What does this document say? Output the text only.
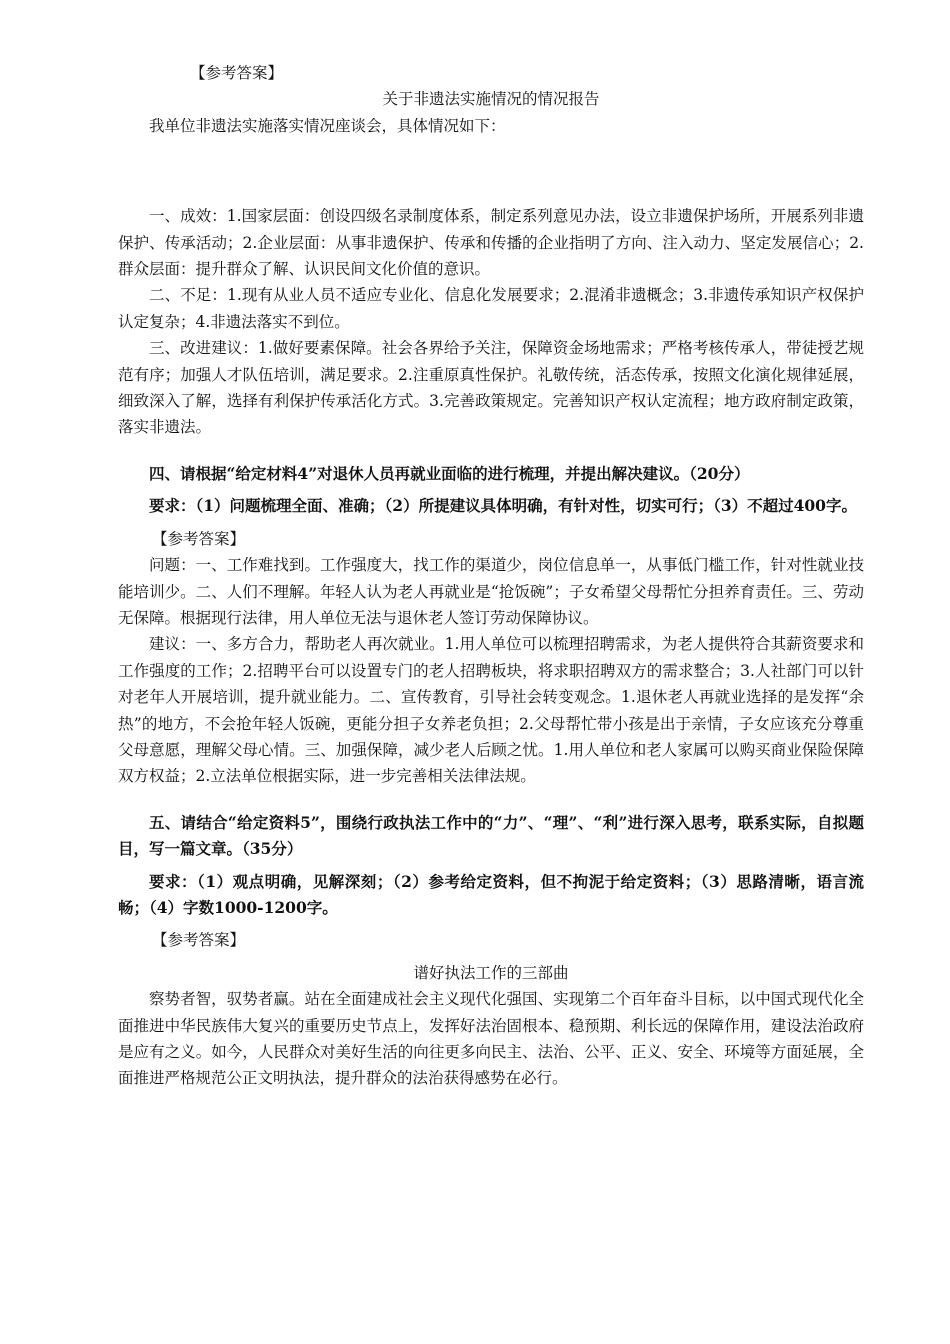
【参考答案】

关于非遗法实施情况的情况报告

我单位非遗法实施落实情况座谈会，具体情况如下：

一、成效：1.国家层面：创设四级名录制度体系，制定系列意见办法，设立非遗保护场所，开展系列非遗保护、传承活动；2.企业层面：从事非遗保护、传承和传播的企业指明了方向、注入动力、坚定发展信心；2.群众层面：提升群众了解、认识民间文化价值的意识。

二、不足：1.现有从业人员不适应专业化、信息化发展要求；2.混淆非遗概念；3.非遗传承知识产权保护认定复杂；4.非遗法落实不到位。

三、改进建议：1.做好要素保障。社会各界给予关注，保障资金场地需求；严格考核传承人，带徒授艺规范有序；加强人才队伍培训，满足要求。2.注重原真性保护。礼敬传统，活态传承，按照文化演化规律延展，细致深入了解，选择有利保护传承活化方式。3.完善政策规定。完善知识产权认定流程；地方政府制定政策，落实非遗法。

四、请根据“给定材料4”对退休人员再就业面临的进行梳理，并提出解决建议。（20分）

要求：（1）问题梳理全面、准确；（2）所提建议具体明确，有针对性，切实可行；（3）不超过400字。

【参考答案】

问题：一、工作难找到。工作强度大，找工作的渠道少，岗位信息单一，从事低门槛工作，针对性就业技能培训少。二、人们不理解。年轻人认为老人再就业是“抢饭碗”；子女希望父母帮忙分担养育责任。三、劳动无保障。根据现行法律，用人单位无法与退休老人签订劳动保障协议。

建议：一、多方合力，帮助老人再次就业。1.用人单位可以梳理招聘需求，为老人提供符合其薪资要求和工作强度的工作；2.招聘平台可以设置专门的老人招聘板块，将求职招聘双方的需求整合；3.人社部门可以针对老年人开展培训，提升就业能力。二、宣传教育，引导社会转变观念。1.退休老人再就业选择的是发挥“余热”的地方，不会抢年轻人饭碗，更能分担子女养老负担；2.父母帮忙带小孩是出于亲情，子女应该充分尊重父母意愿，理解父母心情。三、加强保障，减少老人后顾之忧。1.用人单位和老人家属可以购买商业保险保障双方权益；2.立法单位根据实际，进一步完善相关法律法规。

五、请结合“给定资料5”，围绕行政执法工作中的“力”、“理”、“利”进行深入思考，联系实际，自拟题目，写一篇文章。（35分）

要求：（1）观点明确，见解深刻；（2）参考给定资料，但不拘泥于给定资料；（3）思路清晰，语言流畅；（4）字数1000-1200字。

【参考答案】

谱好执法工作的三部曲

察势者智，驭势者赢。站在全面建成社会主义现代化强国、实现第二个百年奋斗目标，以中国式现代化全面推进中华民族伟大复兴的重要历史节点上，发挥好法治固根本、稳预期、利长远的保障作用，建设法治政府是应有之义。如今，人民群众对美好生活的向往更多向民主、法治、公平、正义、安全、环境等方面延展，全面推进严格规范公正文明执法，提升群众的法治获得感势在必行。
